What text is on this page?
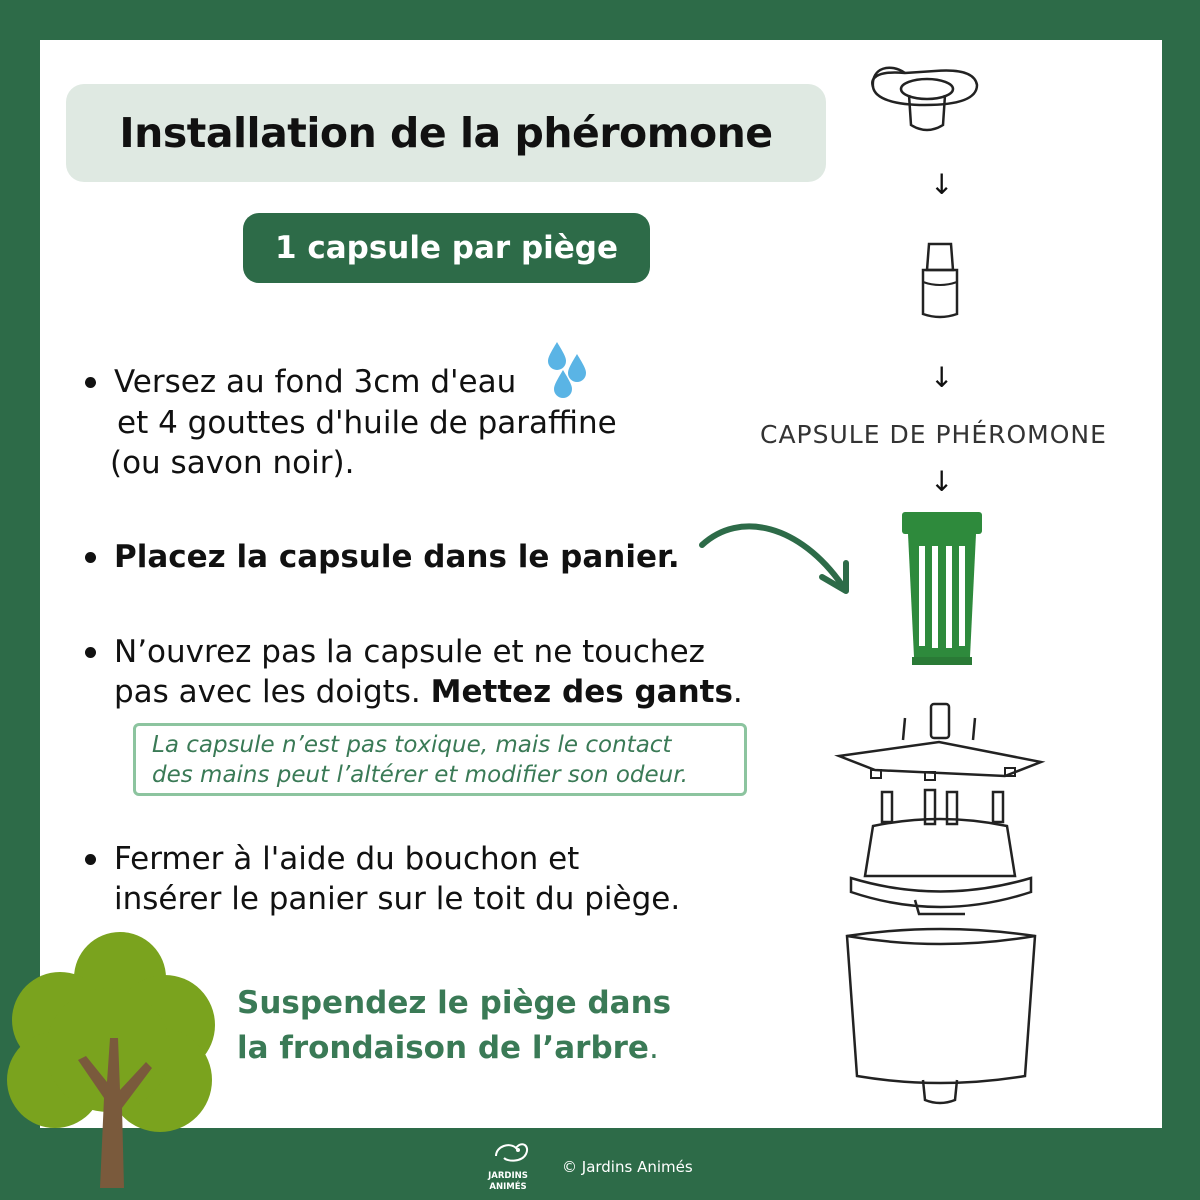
Installation de la phéromone
1 capsule par piège
Versez au fond 3cm d'eau
et 4 gouttes d'huile de paraffine
(ou savon noir).
Placez la capsule dans le panier.
N’ouvrez pas la capsule et ne touchez
pas avec les doigts. Mettez des gants.
La capsule n’est pas toxique, mais le contact
des mains peut l’altérer et modifier son odeur.
Fermer à l'aide du bouchon et
insérer le panier sur le toit du piège.
Suspendez le piège dans
la frondaison de l’arbre.
↓
↓
CAPSULE DE PHÉROMONE
↓
JARDINS
ANIMÉS
© Jardins Animés
